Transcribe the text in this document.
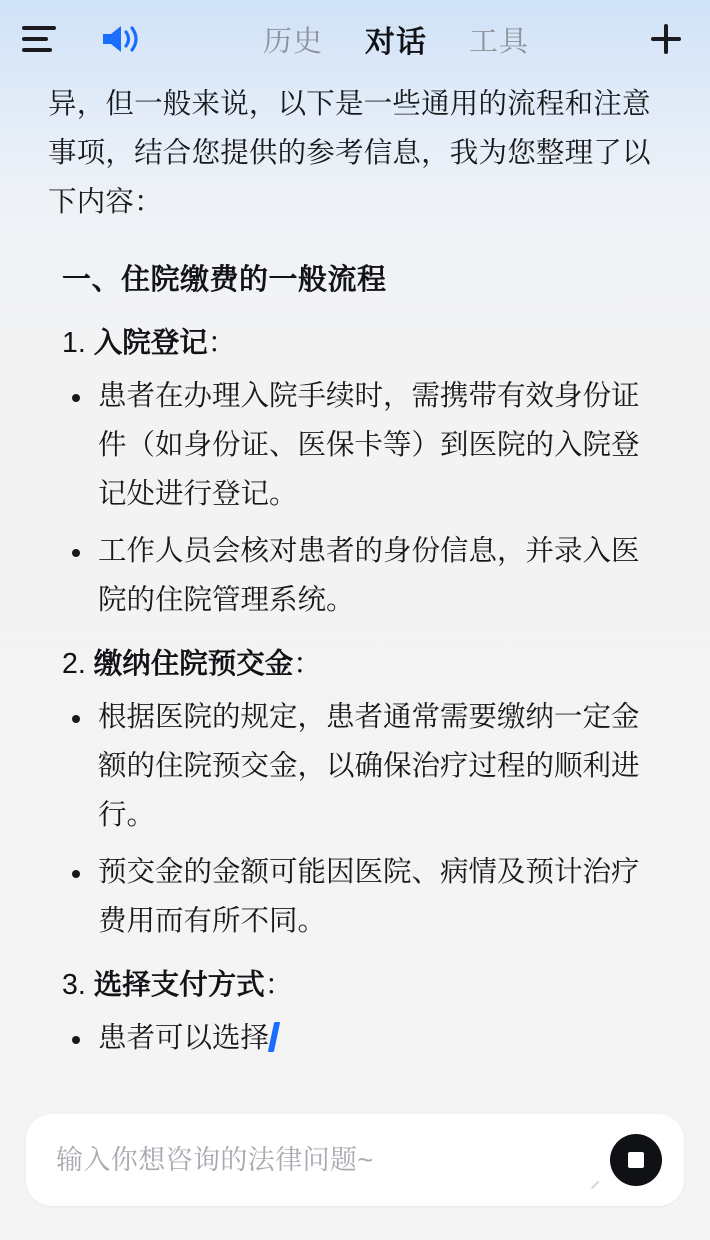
历史 对话 工具

异，但一般来说，以下是一些通用的流程和注意事项，结合您提供的参考信息，我为您整理了以下内容：

一、住院缴费的一般流程
1. 入院登记：
患者在办理入院手续时，需携带有效身份证件（如身份证、医保卡等）到医院的入院登记处进行登记。
工作人员会核对患者的身份信息，并录入医院的住院管理系统。
2. 缴纳住院预交金：
根据医院的规定，患者通常需要缴纳一定金额的住院预交金，以确保治疗过程的顺利进行。
预交金的金额可能因医院、病情及预计治疗费用而有所不同。
3. 选择支付方式：
患者可以选择
输入你想咨询的法律问题~
